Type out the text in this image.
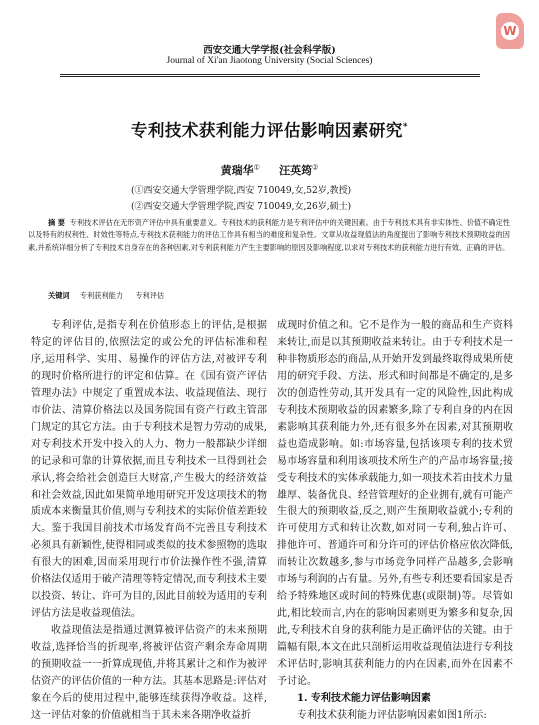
W
西安交通大学学报(社会科学版)
Journal of Xi'an Jiaotong University (Social Sciences)
专利技术获利能力评估影响因素研究*
黄瑞华① 汪英筠②
(①西安交通大学管理学院,西安 710049,女,52岁,教授)
(②西安交通大学管理学院,西安 710049,女,26岁,硕士)
摘 要 专利技术评估在无形资产评估中具有重要意义。专利技术的获利能力是专利评估中的关键因素。由于专利技术具有非实体性、价值不确定性以及特有的权利性、时效性等特点,专利技术获利能力的评估工作具有相当的难度和复杂性。文章从收益现值法的角度提出了影响专利技术预期收益的因素,并系统详细分析了专利技术自身存在的各种因素,对专利获利能力产生主要影响的原因及影响程度,以求对专利技术的获利能力进行有效、正确的评估。
关键词 专利获利能力 专利评估

专利评估,是指专利在价值形态上的评估,是根据特定的评估目的,依照法定的或公允的评估标准和程序,运用科学、实用、易操作的评估方法,对被评专利的现时价格所进行的评定和估算。在《国有资产评估管理办法》中规定了重置成本法、收益现值法、现行市价法、清算价格法以及国务院国有资产行政主管部门规定的其它方法。由于专利技术是智力劳动的成果,对专利技术开发中投入的人力、物力一般都缺少详细的记录和可靠的计算依据,而且专利技术一旦得到社会承认,将会给社会创造巨大财富,产生极大的经济效益和社会效益,因此如果简单地用研究开发这项技术的物质成本来衡量其价值,则与专利技术的实际价值差距较大。鉴于我国目前技术市场发育尚不完善且专利技术必须具有新颖性,使得相同或类似的技术参照物的选取有很大的困难,因而采用现行市价法操作性不强,清算价格法仅适用于破产清理等特定情况,而专利技术主要以投资、转让、许可为目的,因此目前较为适用的专利评估方法是收益现值法。

收益现值法是指通过测算被评估资产的未来预期收益,选择恰当的折现率,将被评估资产剩余寿命周期的预期收益一一折算成现值,并将其累计之和作为被评估资产的评估价值的一种方法。其基本思路是:评估对象在今后的使用过程中,能够连续获得净收益。这样,这一评估对象的价值就相当于其未来各期净收益折

成现时价值之和。它不是作为一般的商品和生产资料来转让,而是以其预期收益来转让。由于专利技术是一种非物质形态的商品,从开始开发到最终取得成果所使用的研究手段、方法、形式和时间都是不确定的,是多次的创造性劳动,其开发具有一定的风险性,因此构成专利技术预期收益的因素繁多,除了专利自身的内在因素影响其获利能力外,还有很多外在因素,对其预期收益也造成影响。如:市场容量,包括该项专利的技术贸易市场容量和利用该项技术所生产的产品市场容量;接受专利技术的实体承载能力,如一项技术若由技术力量雄厚、装备优良、经营管理好的企业拥有,就有可能产生很大的预期收益,反之,则产生预期收益就小;专利的许可使用方式和转让次数,如对同一专利,独占许可、排他许可、普通许可和分许可的评估价格应依次降低,而转让次数越多,参与市场竞争同样产品越多,会影响市场与利润的占有量。另外,有些专利还要看国家是否给予特殊地区或时间的特殊优惠(或限制)等。尽管如此,相比较而言,内在的影响因素则更为繁多和复杂,因此,专利技术自身的获利能力是正确评估的关键。由于篇幅有限,本文在此只剖析运用收益现值法进行专利技术评估时,影响其获利能力的内在因素,而外在因素不予讨论。

1. 专利技术能力评估影响因素

专利技术获利能力评估影响因素如图1所示:
